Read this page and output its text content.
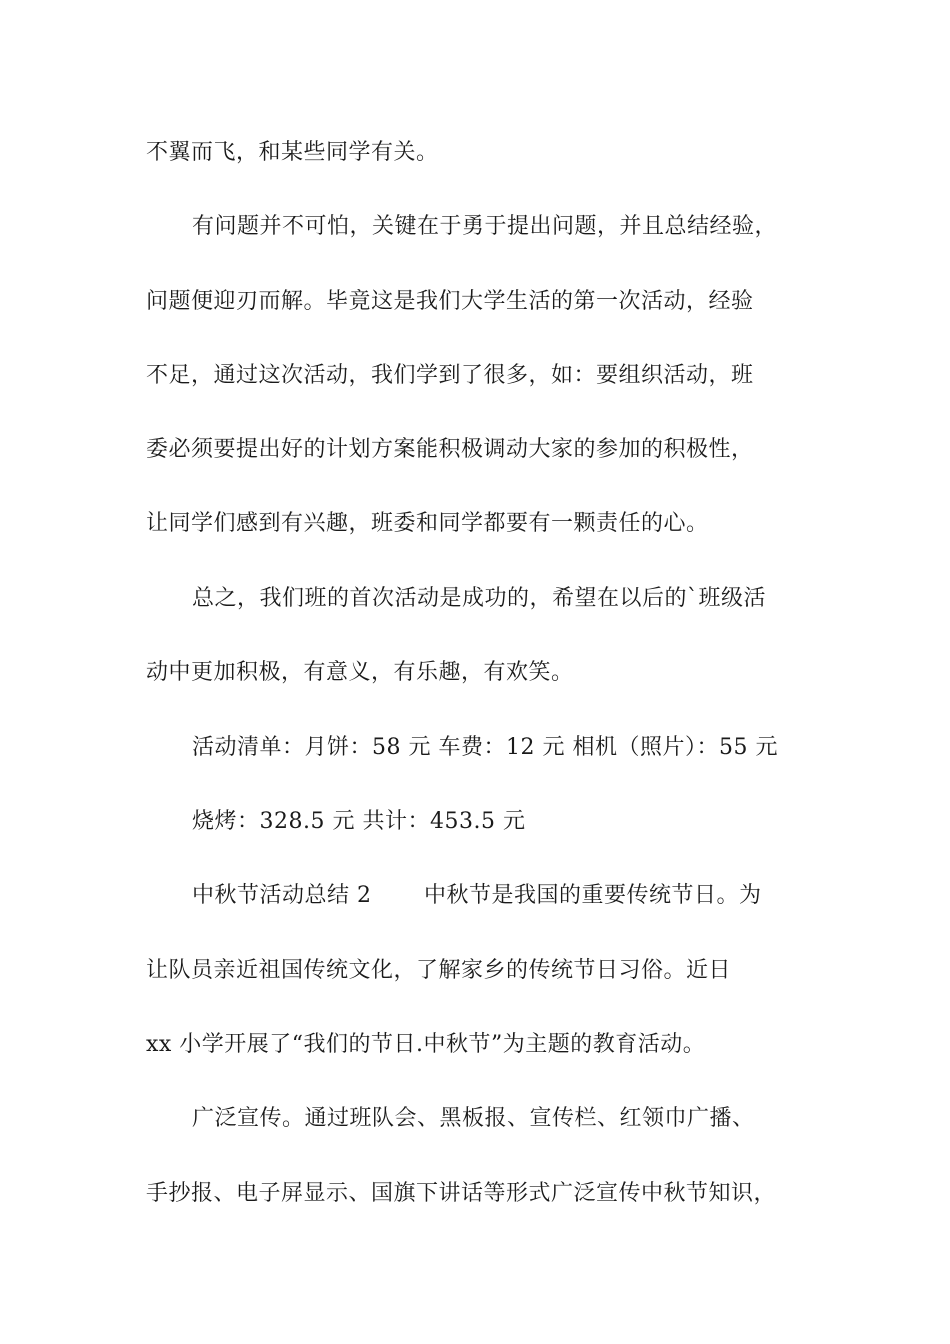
不翼而飞，和某些同学有关。
有问题并不可怕，关键在于勇于提出问题，并且总结经验，
问题便迎刃而解。毕竟这是我们大学生活的第一次活动，经验
不足，通过这次活动，我们学到了很多，如：要组织活动，班
委必须要提出好的计划方案能积极调动大家的参加的积极性，
让同学们感到有兴趣，班委和同学都要有一颗责任的心。
总之，我们班的首次活动是成功的，希望在以后的`班级活
动中更加积极，有意义，有乐趣，有欢笑。
活动清单：月饼：58 元 车费：12 元 相机（照片）：55 元
烧烤：328.5 元 共计：453.5 元
中秋节活动总结 2　　 中秋节是我国的重要传统节日。为
让队员亲近祖国传统文化，了解家乡的传统节日习俗。近日
xx 小学开展了“我们的节日.中秋节”为主题的教育活动。
广泛宣传。通过班队会、黑板报、宣传栏、红领巾广播、
手抄报、电子屏显示、国旗下讲话等形式广泛宣传中秋节知识，
